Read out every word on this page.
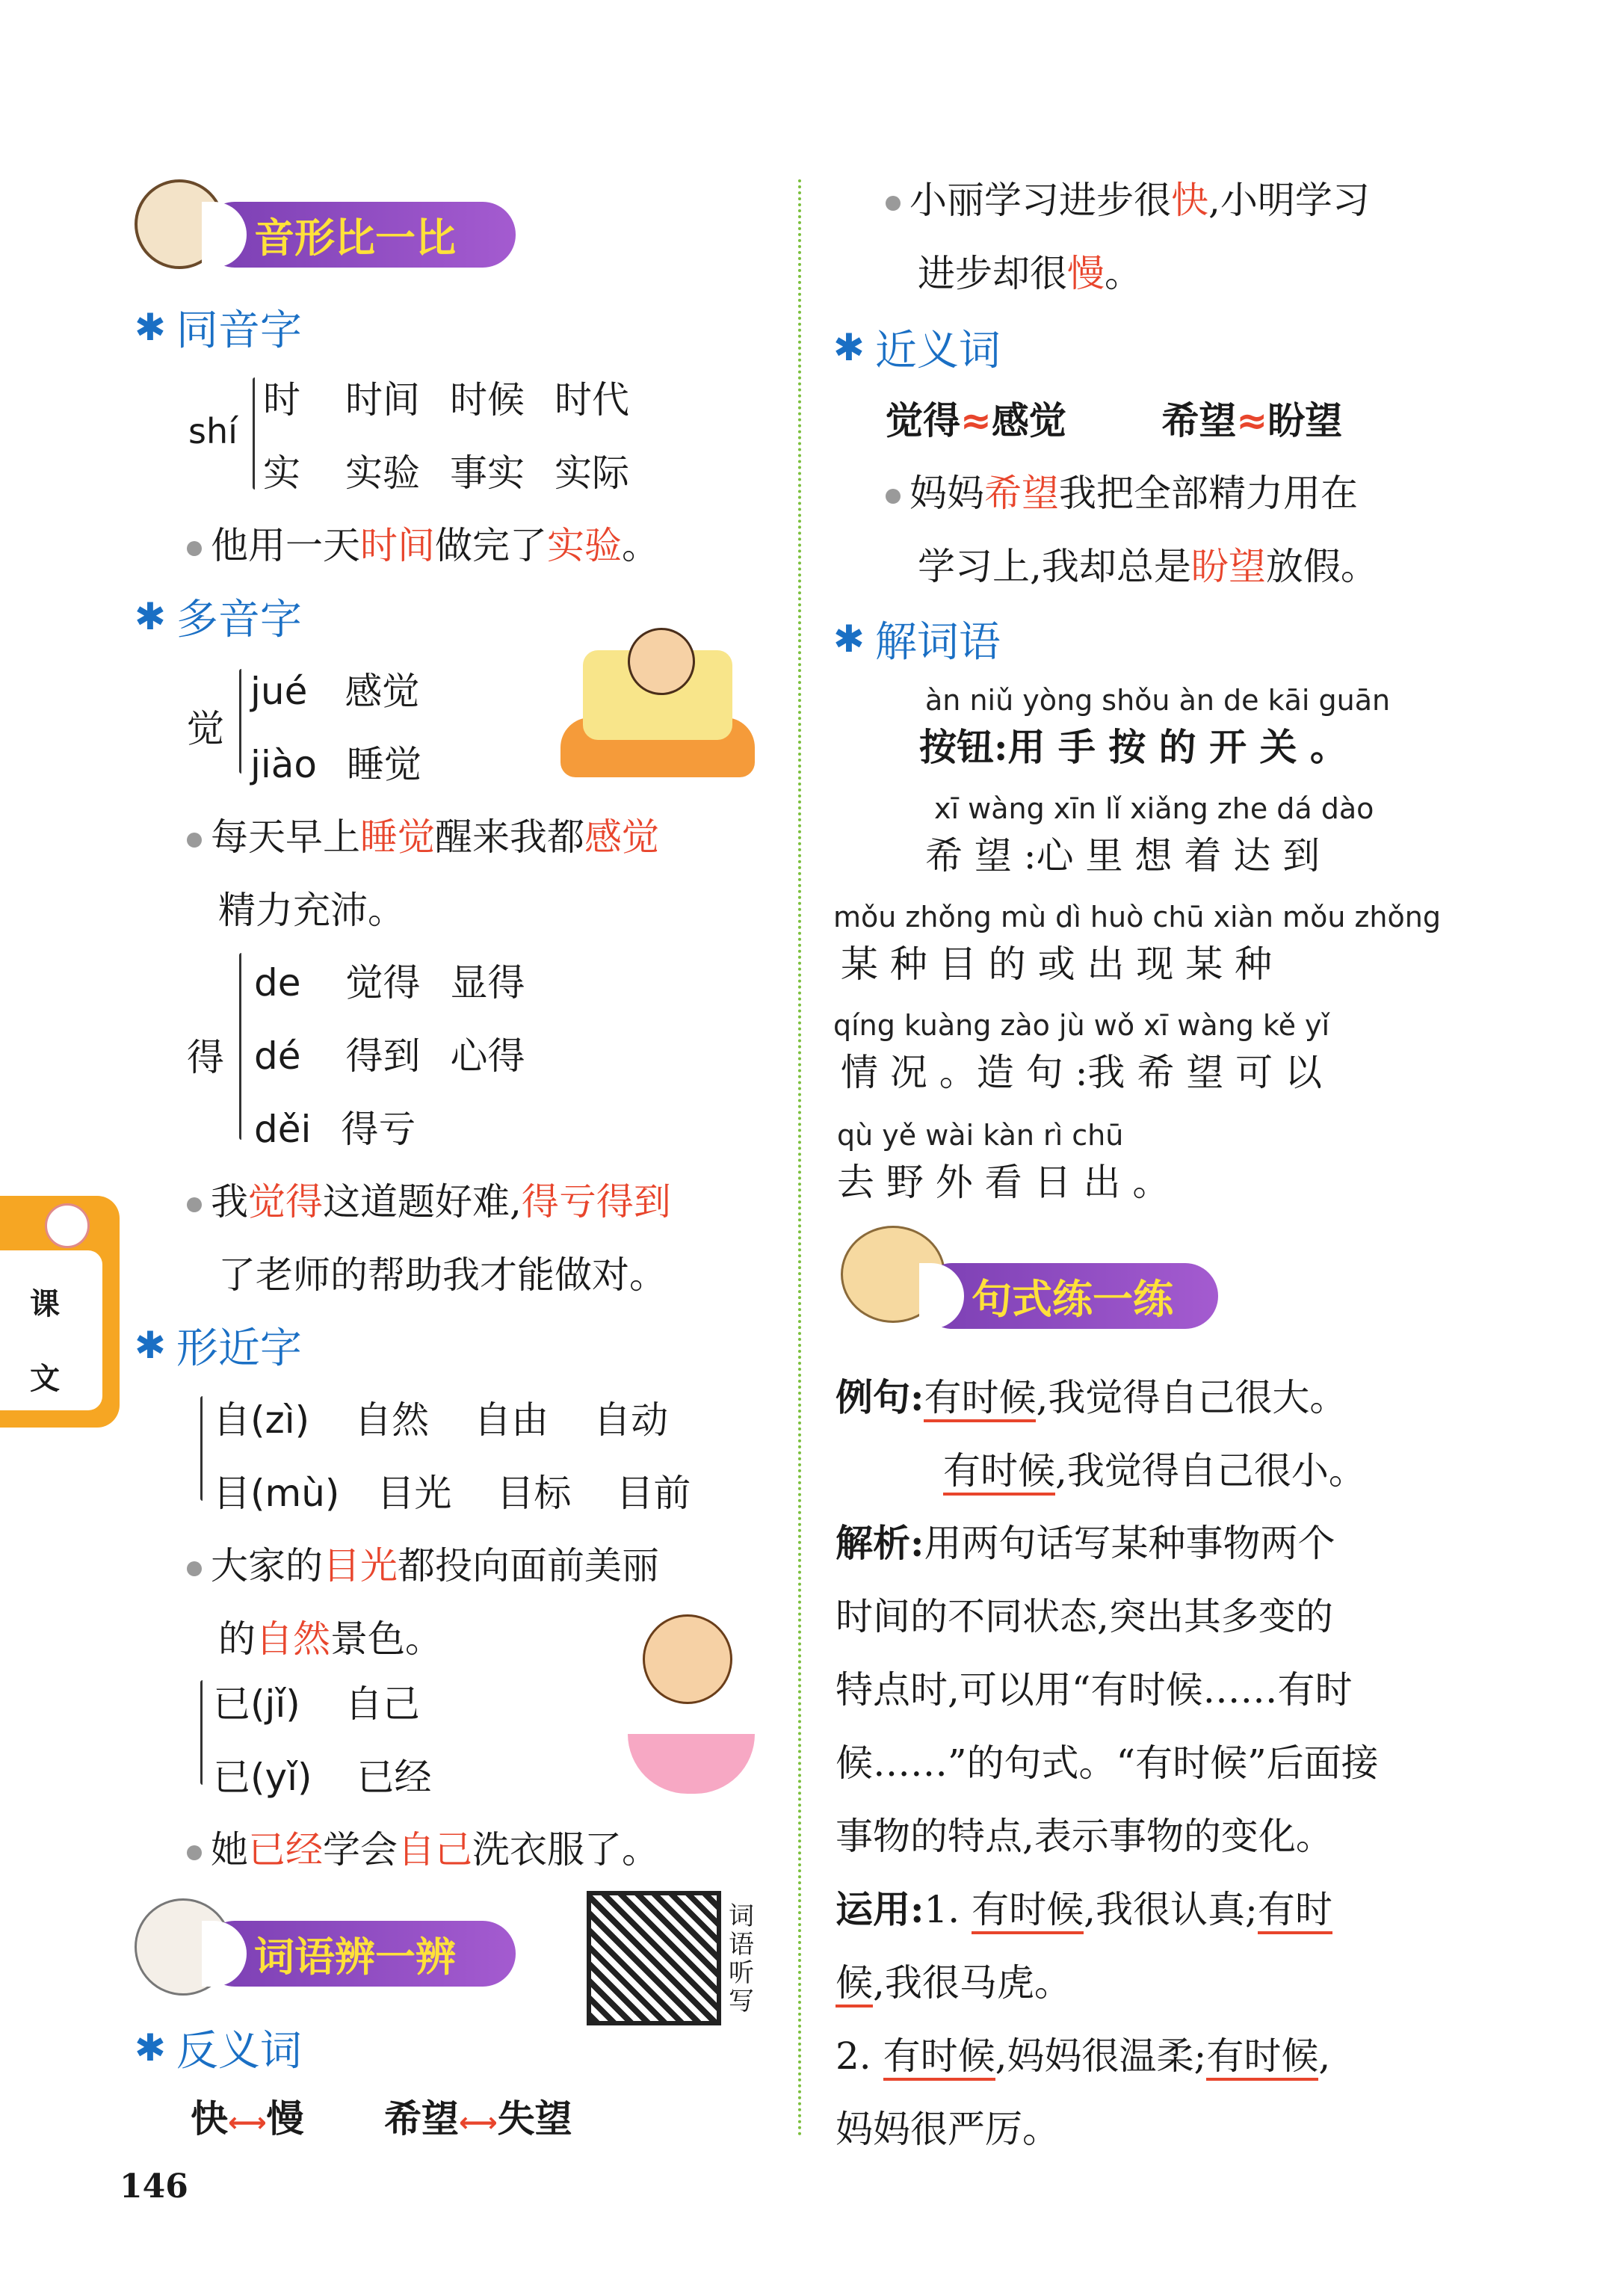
课
文
音形比一比
✱ 同音字
shí
时 时间 时候 时代
实 实验 事实 实际
他用一天时间做完了实验。
✱ 多音字
觉
jué 感觉
jiào 睡觉
每天早上睡觉醒来我都感觉
精力充沛。
得
de 觉得 显得
dé 得到 心得
děi 得亏
我觉得这道题好难,得亏得到
了老师的帮助我才能做对。
✱ 形近字
自(zì) 自然 自由 自动
目(mù) 目光 目标 目前
大家的目光都投向面前美丽
的自然景色。
已(jǐ) 自己
已(yǐ) 已经
她已经学会自己洗衣服了。
词语辨一辨
词语听写
✱ 反义词
快⟷慢 希望⟷失望
146
小丽学习进步很快,小明学习
进步却很慢。
✱ 近义词
觉得≈感觉	希望≈盼望
妈妈希望我把全部精力用在
学习上,我却总是盼望放假。
✱ 解词语
àn niǔ yòng shǒu àn de kāi guān
按钮:用 手 按 的 开 关 。
xī wàng xīn lǐ xiǎng zhe dá dào
希 望 :心 里 想 着 达 到
mǒu zhǒng mù dì huò chū xiàn mǒu zhǒng
某 种 目 的 或 出 现 某 种
qíng kuàng zào jù wǒ xī wàng kě yǐ
情 况 。造 句 :我 希 望 可 以
qù yě wài kàn rì chū
去 野 外 看 日 出 。
句式练一练
例句:有时候,我觉得自己很大。
有时候,我觉得自己很小。
解析:用两句话写某种事物两个
时间的不同状态,突出其多变的
特点时,可以用“有时候……有时
候……”的句式。“有时候”后面接
事物的特点,表示事物的变化。
运用:1. 有时候,我很认真;有时
候,我很马虎。
2. 有时候,妈妈很温柔;有时候,
妈妈很严厉。
